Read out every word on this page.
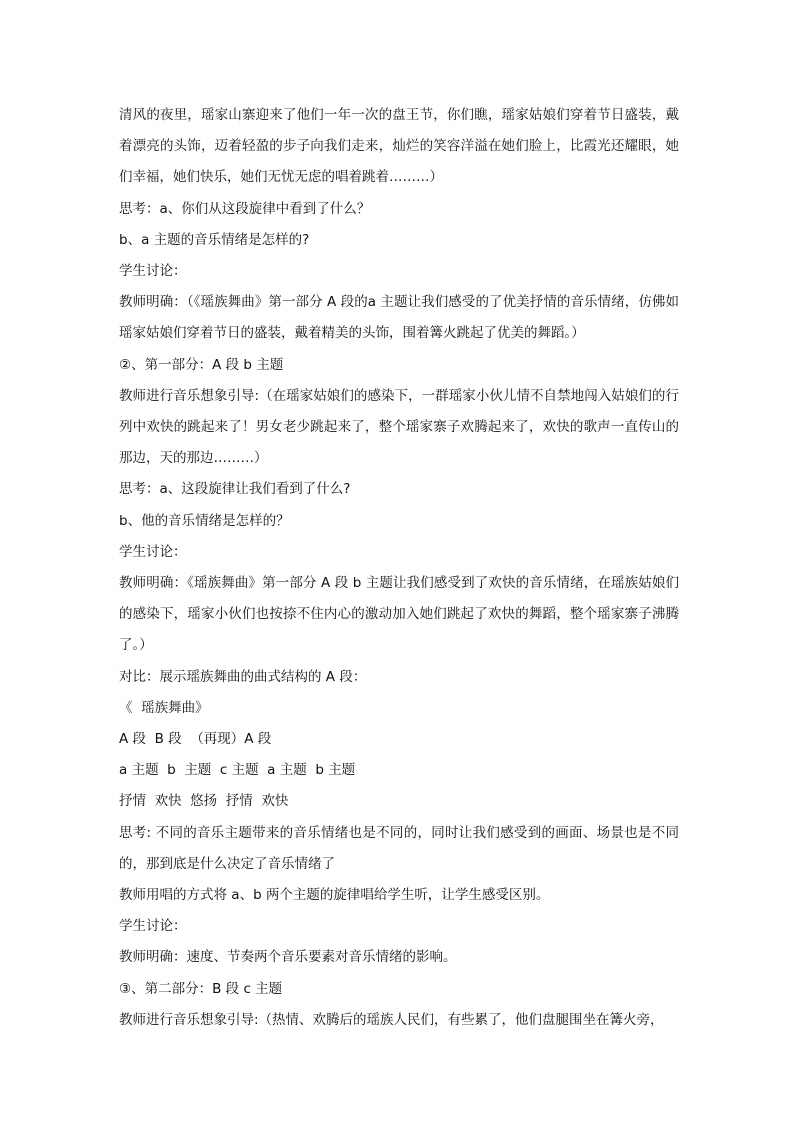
清风的夜里，瑶家山寨迎来了他们一年一次的盘王节，你们瞧，瑶家姑娘们穿着节日盛装，戴着漂亮的头饰，迈着轻盈的步子向我们走来，灿烂的笑容洋溢在她们脸上，比霞光还耀眼，她们幸福，她们快乐，她们无忧无虑的唱着跳着………）

思考：a、你们从这段旋律中看到了什么？

b、a 主题的音乐情绪是怎样的?

学生讨论：

教师明确：（《瑶族舞曲》第一部分 A 段的a 主题让我们感受的了优美抒情的音乐情绪，仿佛如瑶家姑娘们穿着节日的盛装，戴着精美的头饰，围着篝火跳起了优美的舞蹈。）

②、第一部分：A 段 b 主题

教师进行音乐想象引导:（在瑶家姑娘们的感染下，一群瑶家小伙儿情不自禁地闯入姑娘们的行列中欢快的跳起来了！男女老少跳起来了，整个瑶家寨子欢腾起来了，欢快的歌声一直传山的那边，天的那边………）

思考：a、这段旋律让我们看到了什么?

b、他的音乐情绪是怎样的？

学生讨论：

教师明确：《瑶族舞曲》第一部分 A 段 b 主题让我们感受到了欢快的音乐情绪，在瑶族姑娘们的感染下，瑶家小伙们也按捺不住内心的激动加入她们跳起了欢快的舞蹈，整个瑶家寨子沸腾了。）

对比：展示瑶族舞曲的曲式结构的 A 段：

《  瑶族舞曲》

A 段  B 段  （再现）A 段

a 主题  b  主题  c 主题  a 主题  b 主题

抒情  欢快  悠扬  抒情  欢快

思考: 不同的音乐主题带来的音乐情绪也是不同的，同时让我们感受到的画面、场景也是不同的，那到底是什么决定了音乐情绪了

教师用唱的方式将 a、b 两个主题的旋律唱给学生听，让学生感受区别。

学生讨论：

教师明确：速度、节奏两个音乐要素对音乐情绪的影响。

③、第二部分：B 段 c 主题

教师进行音乐想象引导:（热情、欢腾后的瑶族人民们，有些累了，他们盘腿围坐在篝火旁，
